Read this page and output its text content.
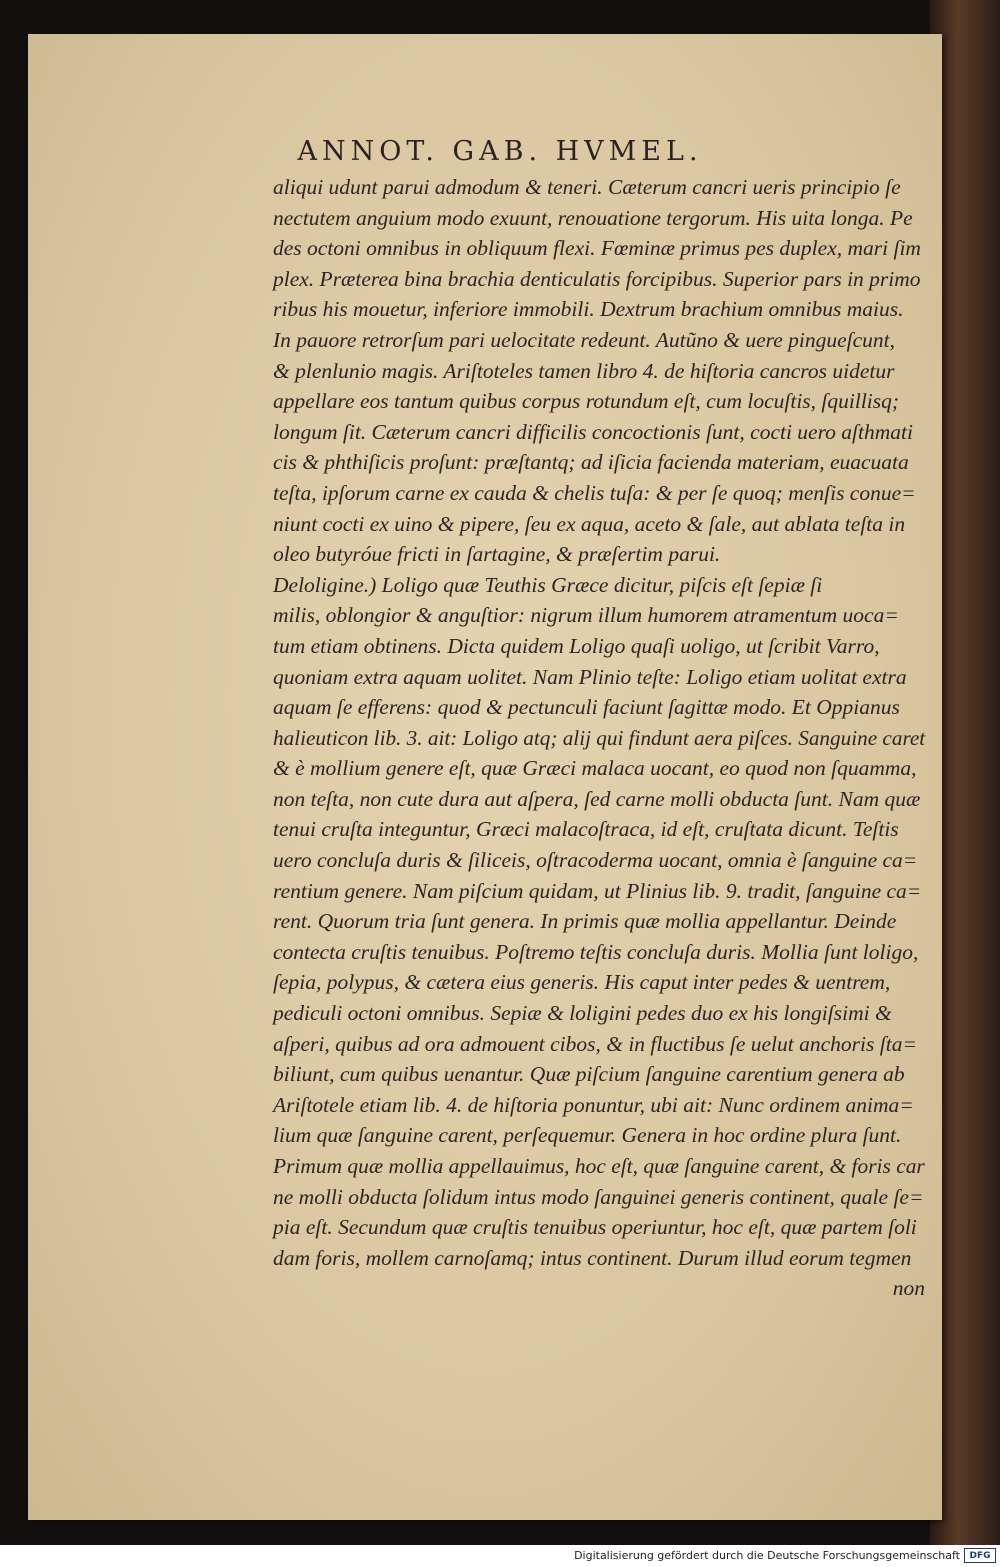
ANNOT. GAB. HVMEL.
aliqui udunt parui admodum & teneri. Cæterum cancri ueris principio ſe
nectutem anguium modo exuunt, renouatione tergorum. His uita longa. Pe
des octoni omnibus in obliquum flexi. Fœminæ primus pes duplex, mari ſim
plex. Præterea bina brachia denticulatis forcipibus. Superior pars in primo
ribus his mouetur, inferiore immobili. Dextrum brachium omnibus maius.
In pauore retrorſum pari uelocitate redeunt. Autũno & uere pingueſcunt,
& plenlunio magis. Ariſtoteles tamen libro 4. de hiſtoria cancros uidetur
appellare eos tantum quibus corpus rotundum eſt, cum locuſtis, ſquillisq;
longum ſit. Cæterum cancri difficilis concoctionis ſunt, cocti uero aſthmati
cis & phthiſicis proſunt: præſtantq; ad iſicia facienda materiam, euacuata
teſta, ipſorum carne ex cauda & chelis tuſa: & per ſe quoq; menſis conue=
niunt cocti ex uino & pipere, ſeu ex aqua, aceto & ſale, aut ablata teſta in
oleo butyróue fricti in ſartagine, & præſertim parui.
Deloligine.) Loligo quæ Teuthis Græce dicitur, piſcis eſt ſepiæ ſi
milis, oblongior & anguſtior: nigrum illum humorem atramentum uoca=
tum etiam obtinens. Dicta quidem Loligo quaſi uoligo, ut ſcribit Varro,
quoniam extra aquam uolitet. Nam Plinio teſte: Loligo etiam uolitat extra
aquam ſe efferens: quod & pectunculi faciunt ſagittæ modo. Et Oppianus
halieuticon lib. 3. ait: Loligo atq; alij qui findunt aera piſces. Sanguine caret
& è mollium genere eſt, quæ Græci malaca uocant, eo quod non ſquamma,
non teſta, non cute dura aut aſpera, ſed carne molli obducta ſunt. Nam quæ
tenui cruſta integuntur, Græci malacoſtraca, id eſt, cruſtata dicunt. Teſtis
uero concluſa duris & ſiliceis, oſtracoderma uocant, omnia è ſanguine ca=
rentium genere. Nam piſcium quidam, ut Plinius lib. 9. tradit, ſanguine ca=
rent. Quorum tria ſunt genera. In primis quæ mollia appellantur. Deinde
contecta cruſtis tenuibus. Poſtremo teſtis concluſa duris. Mollia ſunt loligo,
ſepia, polypus, & cætera eius generis. His caput inter pedes & uentrem,
pediculi octoni omnibus. Sepiæ & loligini pedes duo ex his longiſsimi &
aſperi, quibus ad ora admouent cibos, & in fluctibus ſe uelut anchoris ſta=
biliunt, cum quibus uenantur. Quæ piſcium ſanguine carentium genera ab
Ariſtotele etiam lib. 4. de hiſtoria ponuntur, ubi ait: Nunc ordinem anima=
lium quæ ſanguine carent, perſequemur. Genera in hoc ordine plura ſunt.
Primum quæ mollia appellauimus, hoc eſt, quæ ſanguine carent, & foris car
ne molli obducta ſolidum intus modo ſanguinei generis continent, quale ſe=
pia eſt. Secundum quæ cruſtis tenuibus operiuntur, hoc eſt, quæ partem ſoli
dam foris, mollem carnoſamq; intus continent. Durum illud eorum tegmen
non
Digitalisierung gefördert durch die Deutsche Forschungsgemeinschaft	DFG
